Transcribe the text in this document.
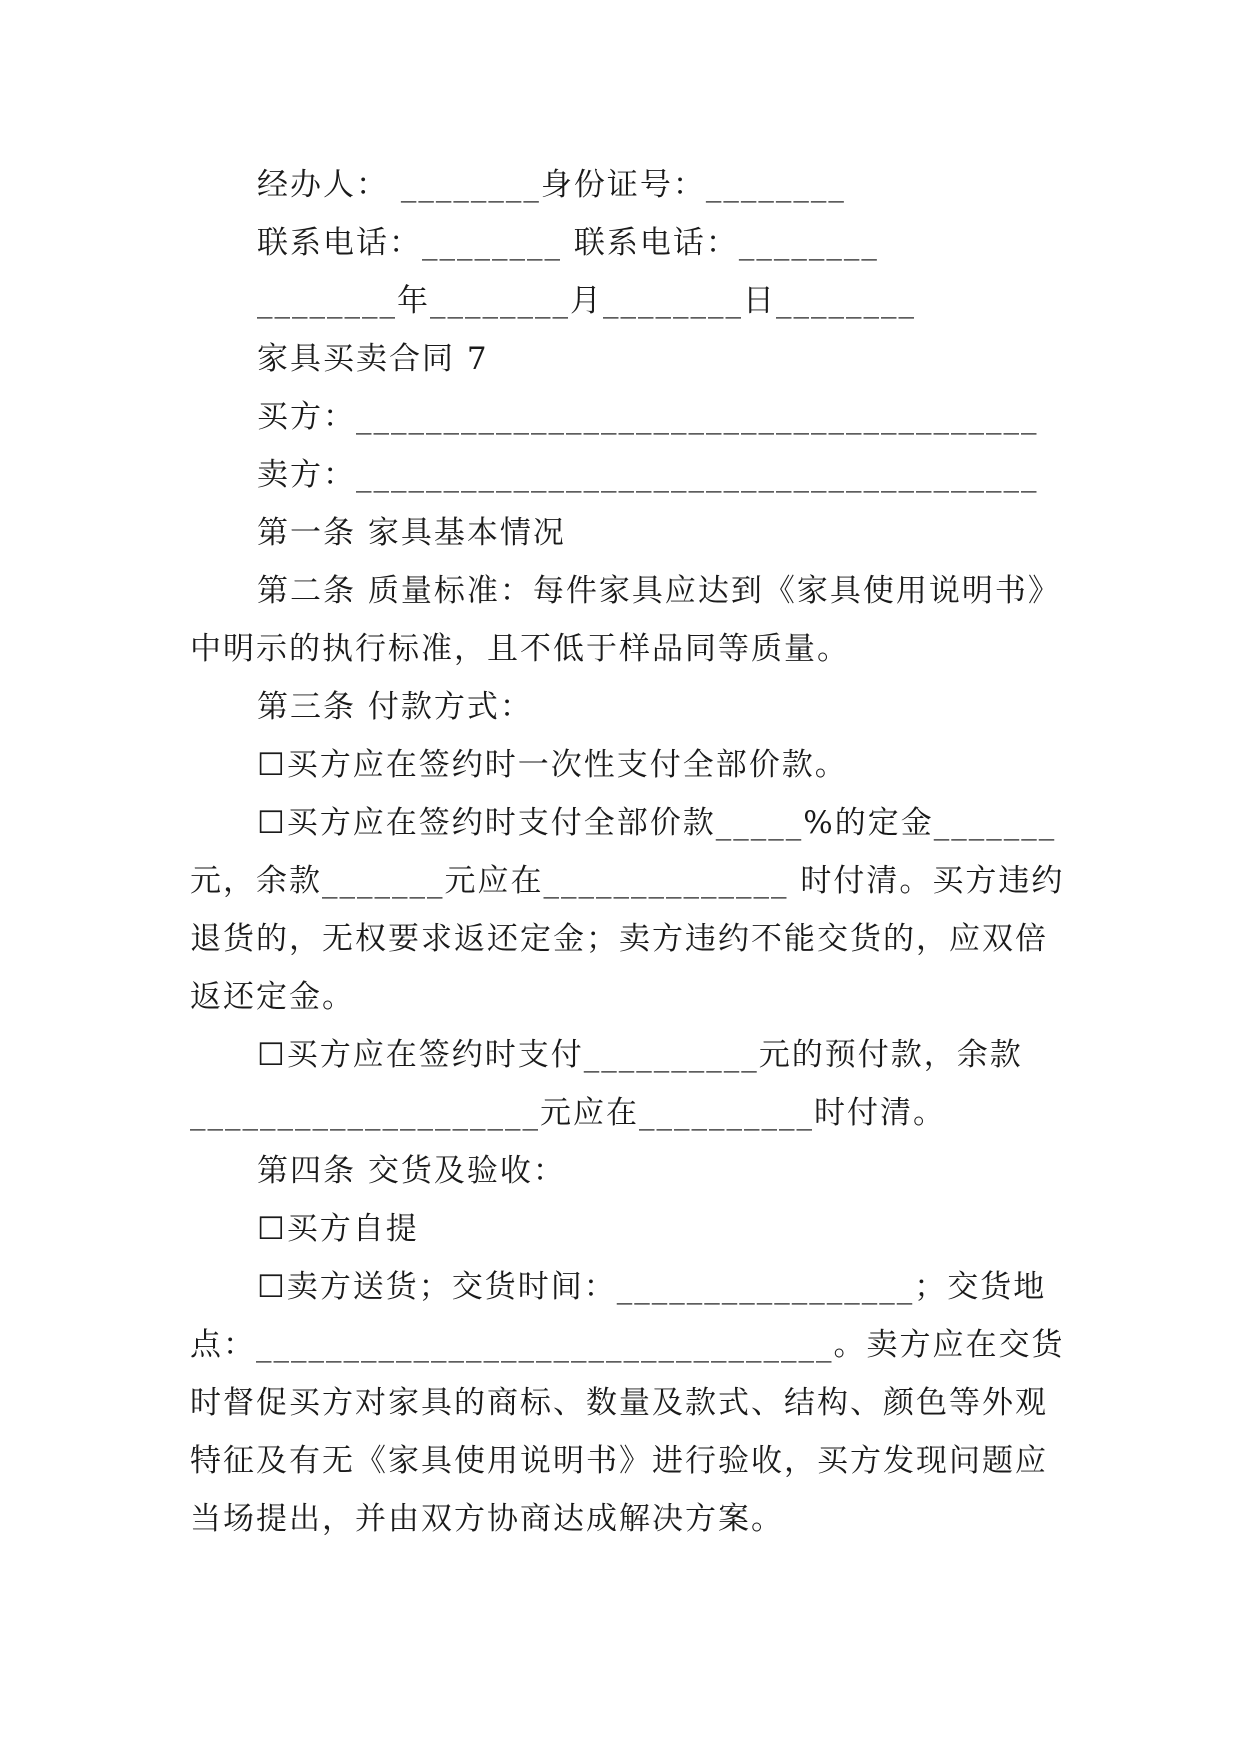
经办人： ________身份证号：________
联系电话：________ 联系电话：________
________年________月________日________
家具买卖合同 7
买方：_______________________________________
卖方：_______________________________________
第一条 家具基本情况
第二条 质量标准：每件家具应达到《家具使用说明书》
中明示的执行标准，且不低于样品同等质量。
第三条 付款方式：
☐买方应在签约时一次性支付全部价款。
☐买方应在签约时支付全部价款_____%的定金_______
元，余款_______元应在______________ 时付清。买方违约
退货的，无权要求返还定金；卖方违约不能交货的，应双倍
返还定金。
☐买方应在签约时支付__________元的预付款，余款
____________________元应在__________时付清。
第四条 交货及验收：
☐买方自提
☐卖方送货；交货时间：_________________；交货地
点：_________________________________。卖方应在交货
时督促买方对家具的商标、数量及款式、结构、颜色等外观
特征及有无《家具使用说明书》进行验收，买方发现问题应
当场提出，并由双方协商达成解决方案。
